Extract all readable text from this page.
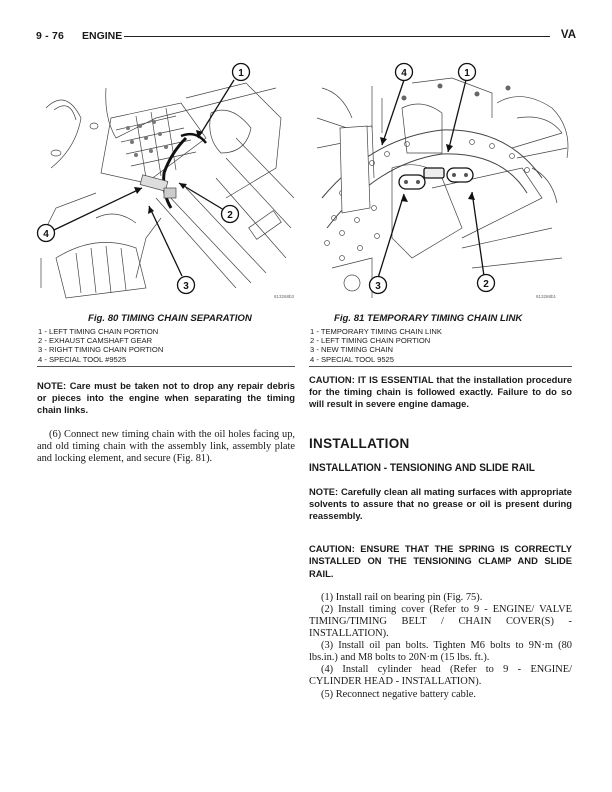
9 - 76 ENGINE	VA
1
2
3
4
813268b3
Fig. 80 TIMING CHAIN SEPARATION
1 - LEFT TIMING CHAIN PORTION
2 - EXHAUST CAMSHAFT GEAR
3 - RIGHT TIMING CHAIN PORTION
4 - SPECIAL TOOL #9525
4	1
3	2
813268b1
Fig. 81 TEMPORARY TIMING CHAIN LINK
1 - TEMPORARY TIMING CHAIN LINK
2 - LEFT TIMING CHAIN PORTION
3 - NEW TIMING CHAIN
4 - SPECIAL TOOL 9525
NOTE: Care must be taken not to drop any repair debris or pieces into the engine when separating the timing chain links.

(6) Connect new timing chain with the oil holes facing up, and old timing chain with the assembly link, assembly plate and locking element, and secure (Fig. 81).

CAUTION: IT IS ESSENTIAL that the installation procedure for the timing chain is followed exactly. Failure to do so will result in severe engine damage.
INSTALLATION
INSTALLATION - TENSIONING AND SLIDE RAIL
NOTE: Carefully clean all mating surfaces with appropriate solvents to assure that no grease or oil is present during reassembly.
CAUTION: ENSURE THAT THE SPRING IS CORRECTLY INSTALLED ON THE TENSIONING CLAMP AND SLIDE RAIL.

(1) Install rail on bearing pin (Fig. 75).

(2) Install timing cover (Refer to 9 - ENGINE/ VALVE TIMING/TIMING BELT / CHAIN COVER(S) - INSTALLATION).

(3) Install oil pan bolts. Tighten M6 bolts to 9N·m (80 lbs.in.) and M8 bolts to 20N·m (15 lbs. ft.).

(4) Install cylinder head (Refer to 9 - ENGINE/ CYLINDER HEAD - INSTALLATION).

(5) Reconnect negative battery cable.
